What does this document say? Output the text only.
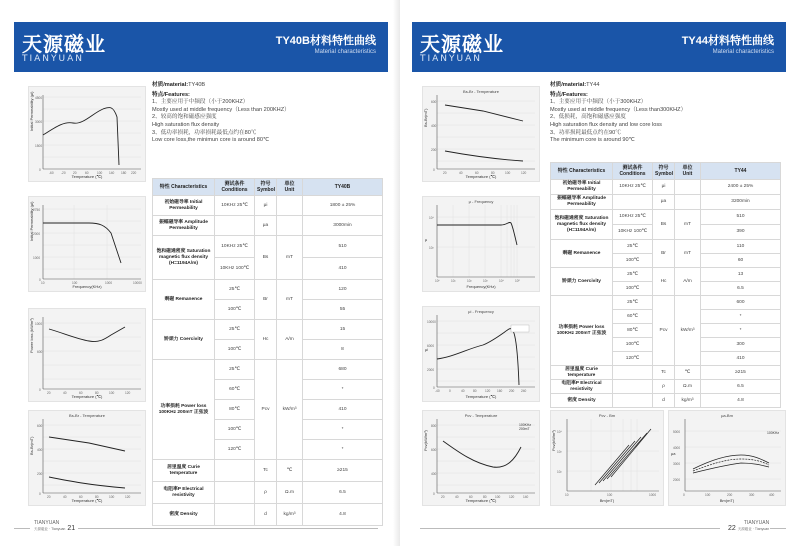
天源磁业
TIANYUAN
TY40B材料特性曲线
Material characteristics
-60 -20 20	60	100 140 180 220
4500
3000
1500
0
Initial Permeability (μi)
Temperature (℃)
10	100	1000	10000
2750
2000
1000
0
Initial Permeability (μi)
Frequency(KHz)
20	40	60	80	100	120
1000
600
0
Power loss (kW/m³)
Temperature (℃)
Bs-Br - Temperature
20	40	60	80	100	120
600
400
200
0
Bs-Br(mT)
Temperature (℃)
材质/material:TY40B
特点/Features:
1、主要应用于中频段（小于200KHZ）
Mostly used at middle frequency（Less than 200KHZ）
2、较高的饱和磁感应强度
High saturation flux density
3、低功率损耗，功率损耗最低点约在80℃
Low core loss,the minimun core is around 80℃
特性 Characteristics	测试条件 Conditions	符号 Symbol	单位 Unit	TY40B
初始磁导率 Initial Permeability	10KHz 25℃	μi		1800 ± 25%
振幅磁导率 Amplitude Permeability		μa		3000min
饱和磁通密度 Saturation magnetic flux density (H=1194A/m)	10KHz 25℃	Bs	mT	510
	10KHz 100℃			410
剩磁 Remanence	25℃	Br	mT	120
	100℃			55
矫顽力 Coercivity	25℃	Hc	A/m	15
	100℃			8
功率损耗 Power loss 100KHz 200mT 正弦波	25℃	Pcv	kW/m³	680
	60℃			*
	80℃			410
	100℃			*
	120℃			*
居里温度 Curie temperature		Tc	℃	≥215
电阻率P Electrical resistivity		ρ	Ω.m	6.5
密度 Density		d	kg/m³	4.8
TIANYUAN
天源磁业 · Tianyuan 21
天源磁业
TIANYUAN
TY44材料特性曲线
Material characteristics
Bs-Br - Temperature
20	40	60	80	100	120
600
400
200
0
Bs-Br(mT)
Temperature (℃)
μ - Frequency
10⁰	10¹	10²	10³	10⁴	10⁵
10⁴
10³
μ
Frequency(KHz)
μi - Frequency
-40	0	40	80	120 160 200 240
10000
6000
2000
0
μi
Temperature (℃)
Pcv - Temperature
20	40	60	80	100	120	140
800
600
400
0
100KHz
200mT
Pcv(kW/m³)
Temperature (℃)
Pcv - Bm
10	100	1000
10⁴
10³
10²
Pcv(kW/m³)
Bm(mT)
μa-Bm
0	100	200	300	400
5000
4000
3000
2000
100KHz
μa
Bm(mT)
材质/material:TY44
特点/Features:
1、主要应用于中频段（小于300KHZ）
Mostly used at middle frequency（Less than300KHZ）
2、低损耗，高饱和磁感应强度
High saturation flux density and low core loss
3、功率损耗最低点约在90℃
The minimum core is around 90℃
特性 Characteristics	测试条件 Conditions	符号 Symbol	单位 Unit	TY44
初始磁导率 Initial Permeability	10KHz 25℃	μi		2400 ± 25%
振幅磁导率 Amplitude Permeability		μa		3200min
饱和磁通密度 Saturation magnetic flux density (H=1194A/m)	10KHz 25℃	Bs	mT	510
	10KHz 100℃			390
剩磁 Remanence	25℃	Br	mT	110
	100℃			60
矫顽力 Coercivity	25℃	Hc	A/m	13
	100℃			6.5
功率损耗 Power loss 100KHz 200mT 正弦波	25℃	Pcv	kW/m³	600
	60℃			*
	80℃			*
	100℃			300
	120℃			410
居里温度 Curie temperature		Tc	℃	≥215
电阻率P Electrical resistivity		ρ	Ω.m	6.5
密度 Density		d	kg/m³	4.8
TIANYUAN
22 天源磁业 · Tianyuan
